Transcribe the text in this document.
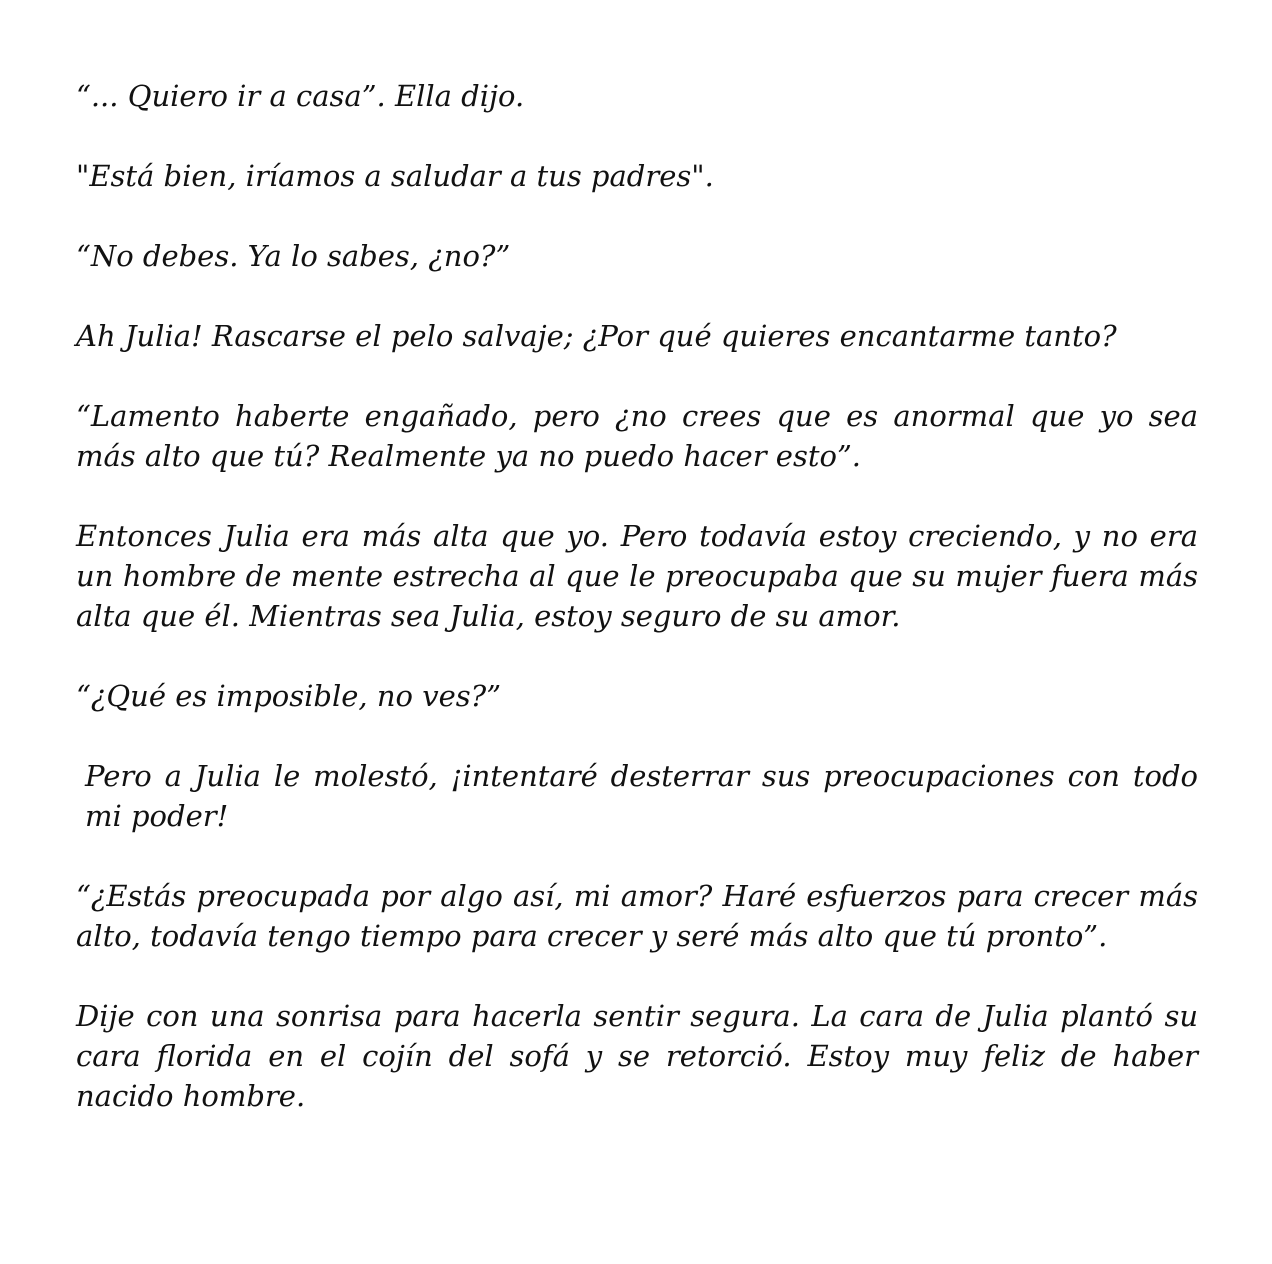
“... Quiero ir a casa”. Ella dijo.

"Está bien, iríamos a saludar a tus padres".

“No debes. Ya lo sabes, ¿no?”

Ah Julia! Rascarse el pelo salvaje; ¿Por qué quieres encantarme tanto?

“Lamento haberte engañado, pero ¿no crees que es anormal que yo sea más alto que tú? Realmente ya no puedo hacer esto”.

Entonces Julia era más alta que yo. Pero todavía estoy creciendo, y no era un hombre de mente estrecha al que le preocupaba que su mujer fuera más alta que él. Mientras sea Julia, estoy seguro de su amor.

“¿Qué es imposible, no ves?”

Pero a Julia le molestó, ¡intentaré desterrar sus preocupaciones con todo mi poder!

“¿Estás preocupada por algo así, mi amor? Haré esfuerzos para crecer más alto, todavía tengo tiempo para crecer y seré más alto que tú pronto”.

Dije con una sonrisa para hacerla sentir segura. La cara de Julia plantó su cara florida en el cojín del sofá y se retorció. Estoy muy feliz de haber nacido hombre.
